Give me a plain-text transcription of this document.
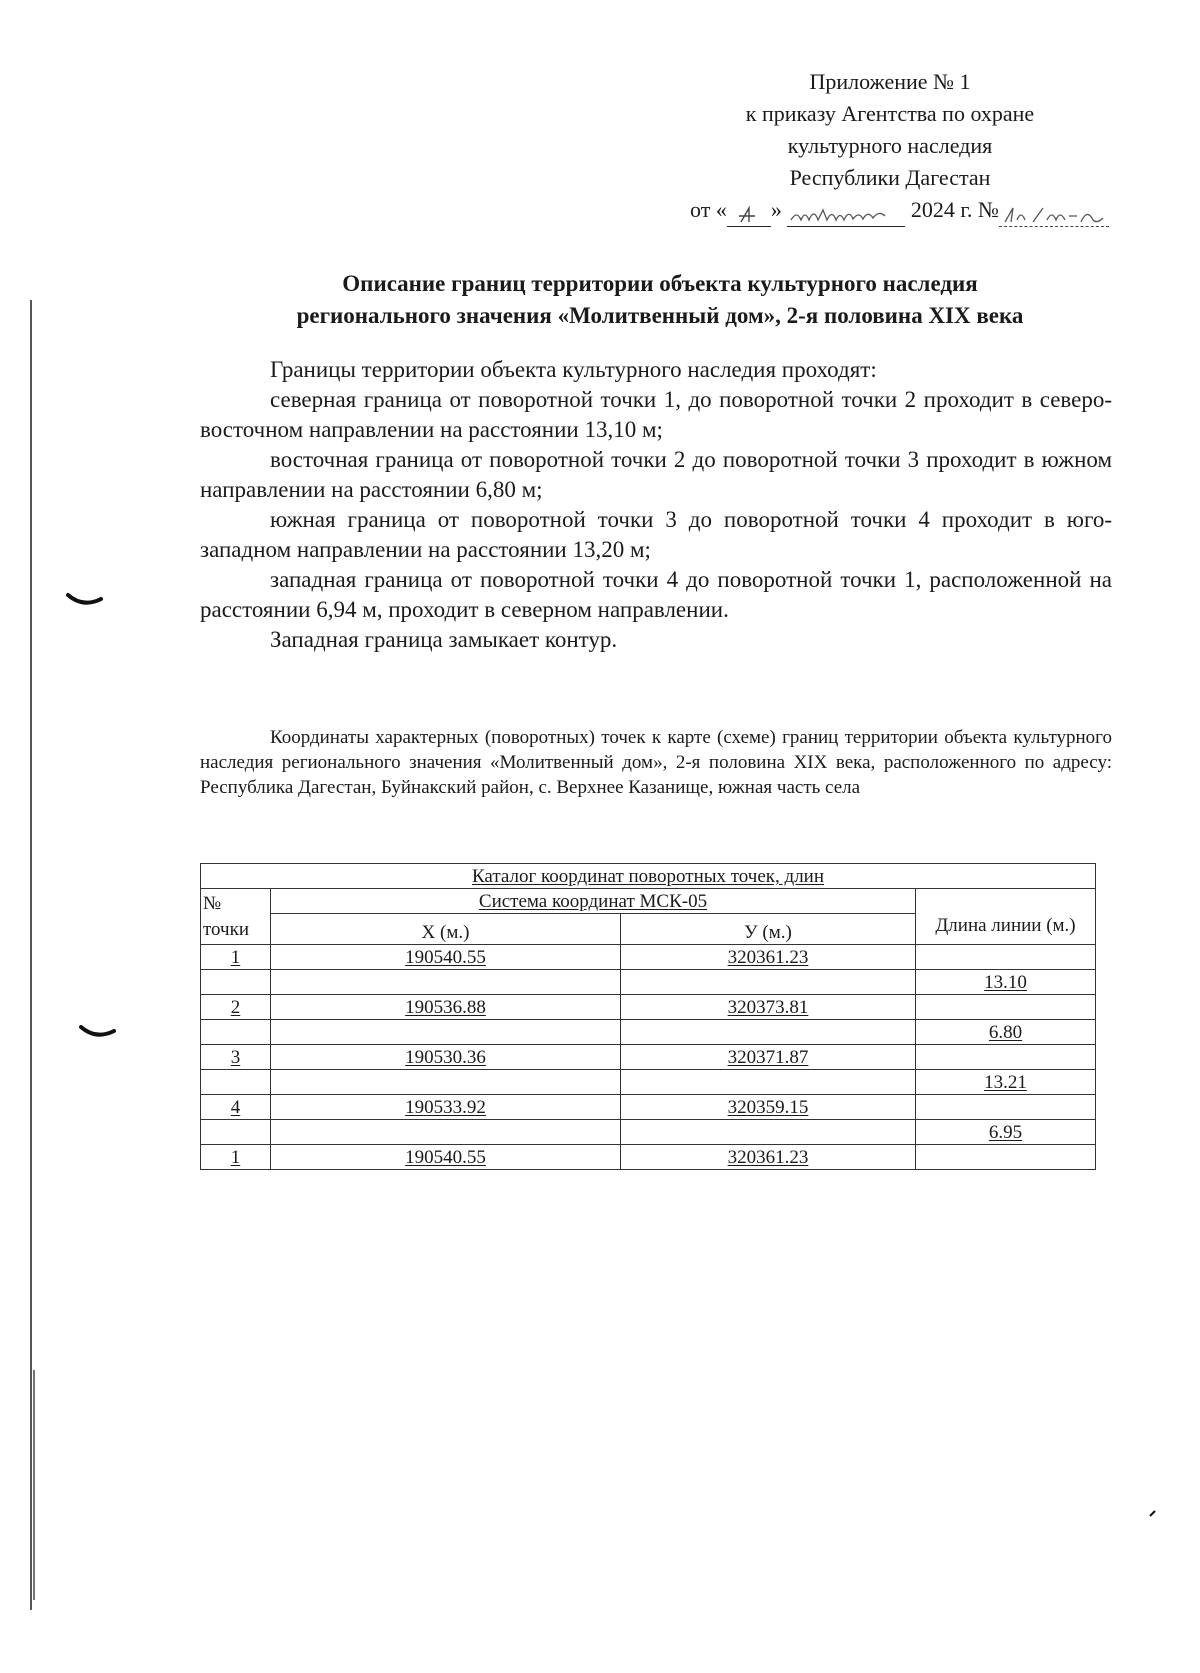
Приложение № 1
к приказу Агентства по охране
культурного наследия
Республики Дагестан
от « »	2024 г. №
Описание границ территории объекта культурного наследия
регионального значения «Молитвенный дом», 2-я половина XIX века

Границы территории объекта культурного наследия проходят:

северная граница от поворотной точки 1, до поворотной точки 2 проходит в северо- восточном направлении на расстоянии 13,10 м;

восточная граница от поворотной точки 2 до поворотной точки 3 проходит в южном направлении на расстоянии 6,80 м;

южная граница от поворотной точки 3 до поворотной точки 4 проходит в юго-западном направлении на расстоянии 13,20 м;

западная граница от поворотной точки 4 до поворотной точки 1, расположенной на расстоянии 6,94 м, проходит в северном направлении.

Западная граница замыкает контур.

Координаты характерных (поворотных) точек к карте (схеме) границ территории объекта культурного наследия регионального значения «Молитвенный дом», 2-я половина XIX века, расположенного по адресу: Республика Дагестан, Буйнакский район, с. Верхнее Казанище, южная часть села

Каталог координат поворотных точек, длин			
№ точки	Система координат МСК-05		Длина линии (м.)
	X (м.)	У (м.)	
1	190540.55	320361.23	
			13.10
2	190536.88	320373.81	
			6.80
3	190530.36	320371.87	
			13.21
4	190533.92	320359.15	
			6.95
1	190540.55	320361.23	
